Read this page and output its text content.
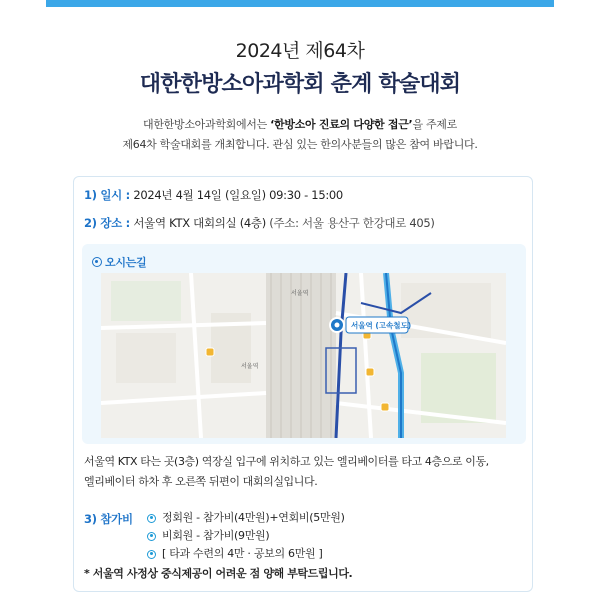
2024년 제64차
대한한방소아과학회 춘계 학술대회
대한한방소아과학회에서는 ‘한방소아 진료의 다양한 접근’을 주제로
제64차 학술대회를 개최합니다. 관심 있는 한의사분들의 많은 참여 바랍니다.
1) 일시 : 2024년 4월 14일 (일요일) 09:30 - 15:00
2) 장소 : 서울역 KTX 대회의실 (4층) (주소: 서울 용산구 한강대로 405)
오시는길
서울역 (고속철도)
서울역
서울역
서울역 KTX 타는 곳(3층) 역장실 입구에 위치하고 있는 엘리베이터를 타고 4층으로 이동,
엘리베이터 하차 후 오른쪽 뒤편이 대회의실입니다.
3) 참가비	정회원 - 참가비(4만원)+연회비(5만원)
비회원 - 참가비(9만원)
[ 타과 수련의 4만 · 공보의 6만원 ]
* 서울역 사정상 중식제공이 어려운 점 양해 부탁드립니다.
